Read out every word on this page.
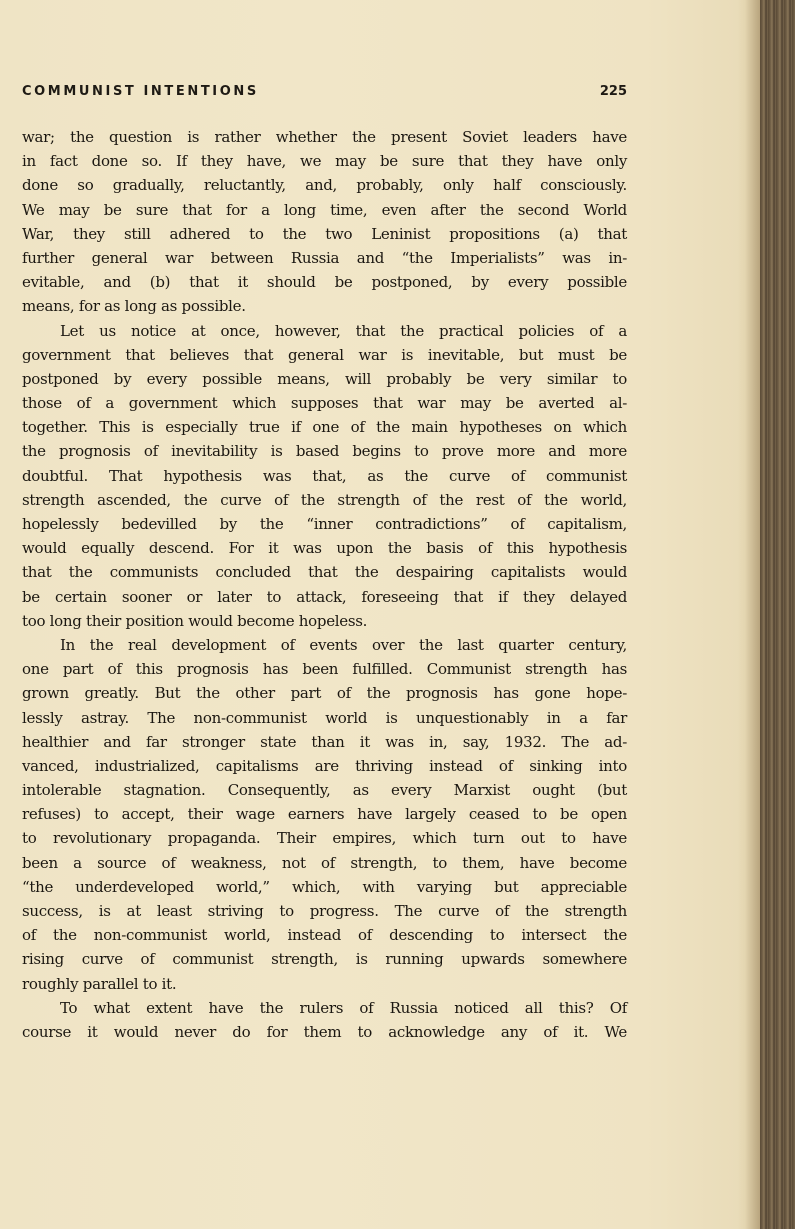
COMMUNIST INTENTIONS	225
war; the question is rather whether the present Soviet leaders have
in fact done so. If they have, we may be sure that they have only
done so gradually, reluctantly, and, probably, only half consciously.
We may be sure that for a long time, even after the second World
War, they still adhered to the two Leninist propositions (a) that
further general war between Russia and “the Imperialists” was in-
evitable, and (b) that it should be postponed, by every possible
means, for as long as possible.
Let us notice at once, however, that the practical policies of a
government that believes that general war is inevitable, but must be
postponed by every possible means, will probably be very similar to
those of a government which supposes that war may be averted al-
together. This is especially true if one of the main hypotheses on which
the prognosis of inevitability is based begins to prove more and more
doubtful. That hypothesis was that, as the curve of communist
strength ascended, the curve of the strength of the rest of the world,
hopelessly bedevilled by the “inner contradictions” of capitalism,
would equally descend. For it was upon the basis of this hypothesis
that the communists concluded that the despairing capitalists would
be certain sooner or later to attack, foreseeing that if they delayed
too long their position would become hopeless.
In the real development of events over the last quarter century,
one part of this prognosis has been fulfilled. Communist strength has
grown greatly. But the other part of the prognosis has gone hope-
lessly astray. The non-communist world is unquestionably in a far
healthier and far stronger state than it was in, say, 1932. The ad-
vanced, industrialized, capitalisms are thriving instead of sinking into
intolerable stagnation. Consequently, as every Marxist ought (but
refuses) to accept, their wage earners have largely ceased to be open
to revolutionary propaganda. Their empires, which turn out to have
been a source of weakness, not of strength, to them, have become
“the underdeveloped world,” which, with varying but appreciable
success, is at least striving to progress. The curve of the strength
of the non-communist world, instead of descending to intersect the
rising curve of communist strength, is running upwards somewhere
roughly parallel to it.
To what extent have the rulers of Russia noticed all this? Of
course it would never do for them to acknowledge any of it. We
